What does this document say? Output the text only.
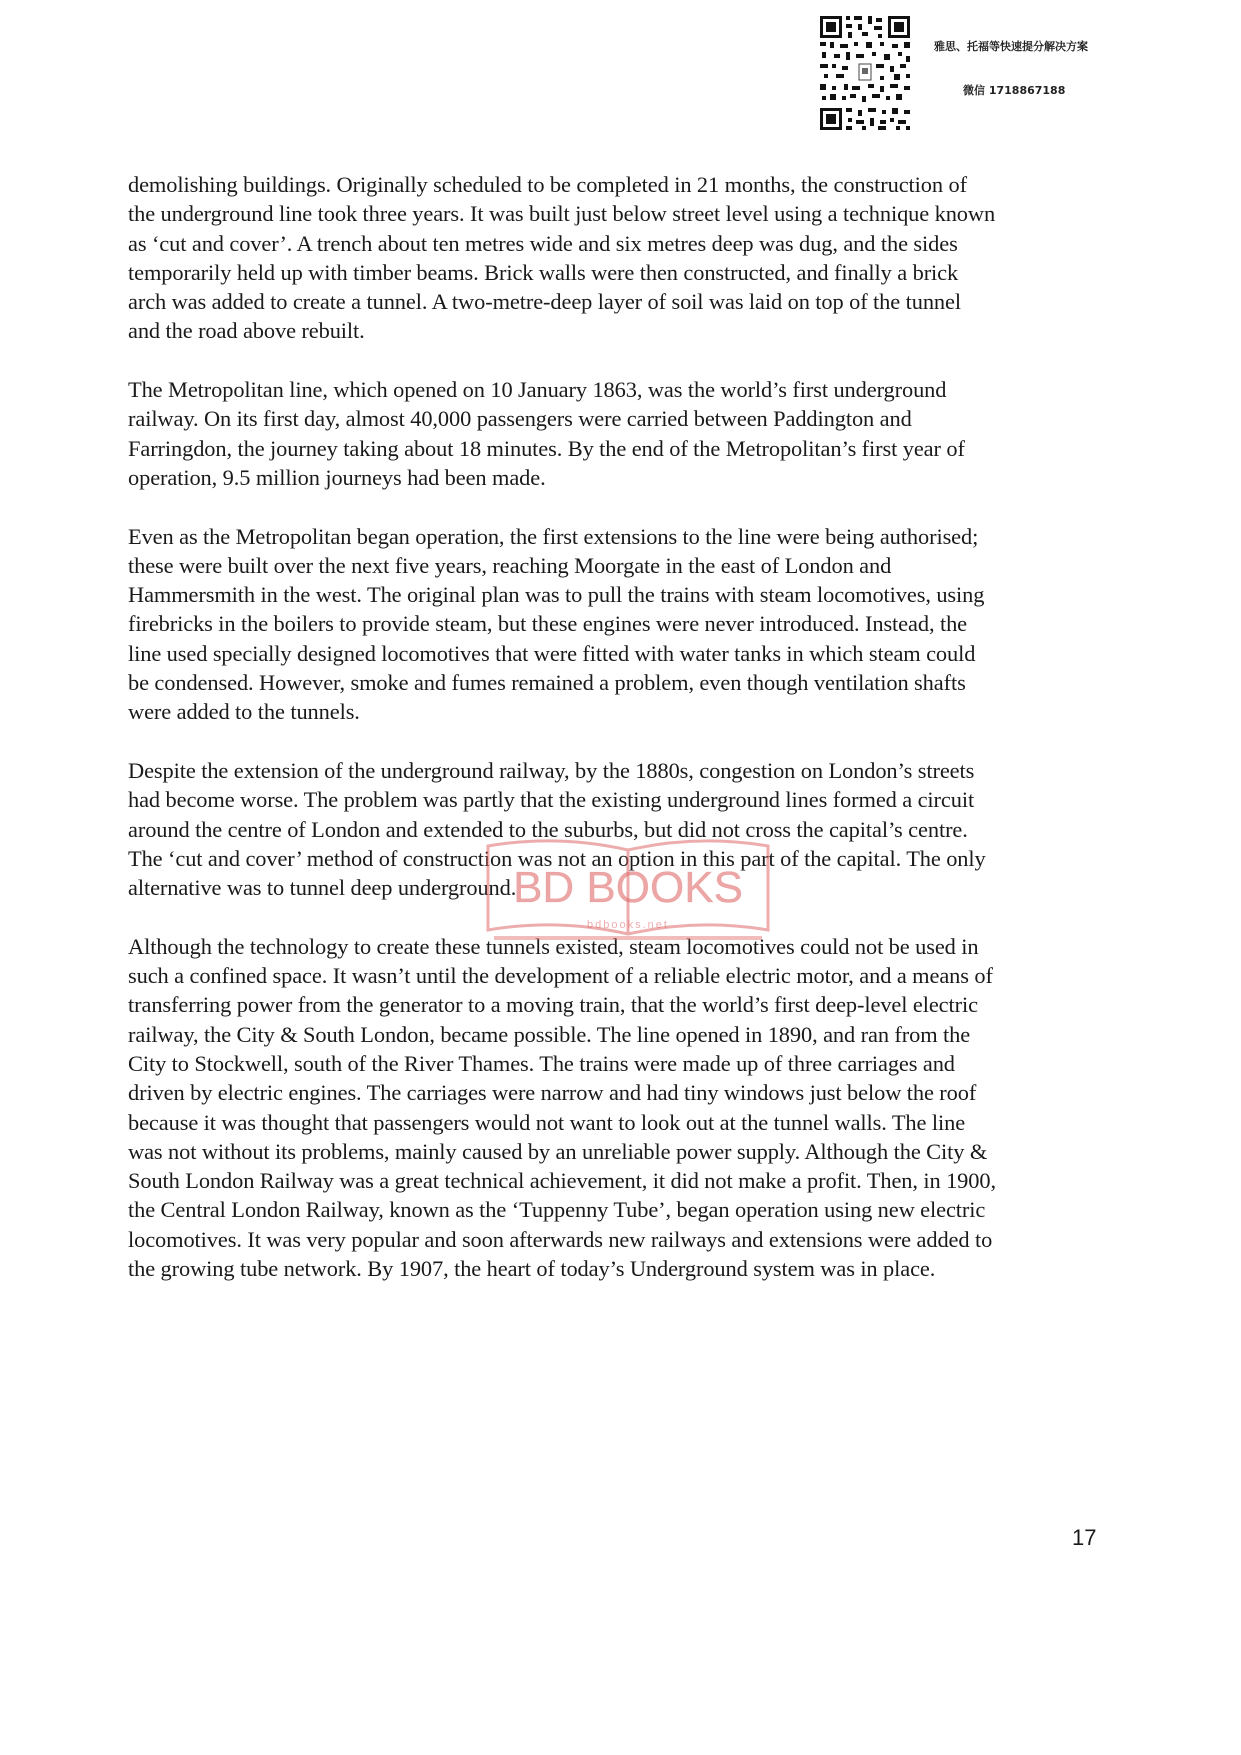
雅思、托福等快速提分解决方案
微信 1718867188

demolishing buildings. Originally scheduled to be completed in 21 months, the construction of
the underground line took three years. It was built just below street level using a technique known
as ‘cut and cover’. A trench about ten metres wide and six metres deep was dug, and the sides
temporarily held up with timber beams. Brick walls were then constructed, and finally a brick
arch was added to create a tunnel. A two-metre-deep layer of soil was laid on top of the tunnel
and the road above rebuilt.

The Metropolitan line, which opened on 10 January 1863, was the world’s first underground
railway. On its first day, almost 40,000 passengers were carried between Paddington and
Farringdon, the journey taking about 18 minutes. By the end of the Metropolitan’s first year of
operation, 9.5 million journeys had been made.

Even as the Metropolitan began operation, the first extensions to the line were being authorised;
these were built over the next five years, reaching Moorgate in the east of London and
Hammersmith in the west. The original plan was to pull the trains with steam locomotives, using
firebricks in the boilers to provide steam, but these engines were never introduced. Instead, the
line used specially designed locomotives that were fitted with water tanks in which steam could
be condensed. However, smoke and fumes remained a problem, even though ventilation shafts
were added to the tunnels.

Despite the extension of the underground railway, by the 1880s, congestion on London’s streets
had become worse. The problem was partly that the existing underground lines formed a circuit
around the centre of London and extended to the suburbs, but did not cross the capital’s centre.
The ‘cut and cover’ method of construction was not an option in this part of the capital. The only
alternative was to tunnel deep underground.

Although the technology to create these tunnels existed, steam locomotives could not be used in
such a confined space. It wasn’t until the development of a reliable electric motor, and a means of
transferring power from the generator to a moving train, that the world’s first deep-level electric
railway, the City & South London, became possible. The line opened in 1890, and ran from the
City to Stockwell, south of the River Thames. The trains were made up of three carriages and
driven by electric engines. The carriages were narrow and had tiny windows just below the roof
because it was thought that passengers would not want to look out at the tunnel walls. The line
was not without its problems, mainly caused by an unreliable power supply. Although the City &
South London Railway was a great technical achievement, it did not make a profit. Then, in 1900,
the Central London Railway, known as the ‘Tuppenny Tube’, began operation using new electric
locomotives. It was very popular and soon afterwards new railways and extensions were added to
the growing tube network. By 1907, the heart of today’s Underground system was in place.

BD BOOKS
bdbooks.net
17
